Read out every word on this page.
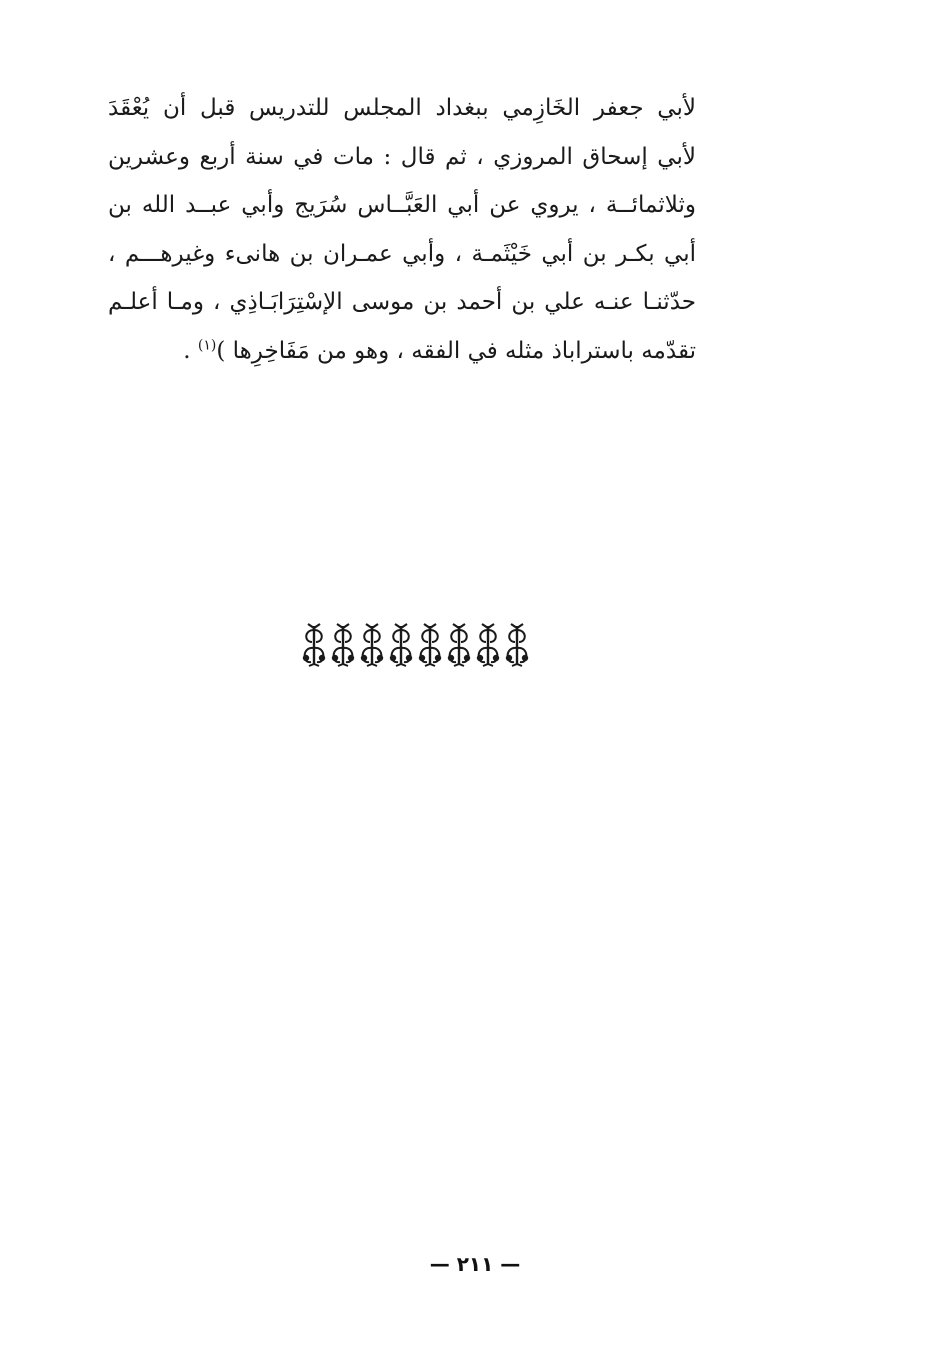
لأبي جعفر الخَازِمي ببغداد المجلس للتدريس قبل أن يُعْقَدَ
لأبي إسحاق المروزي ، ثم قال : مات في سنة أربع وعشرين
وثلاثمائــة ، يروي عن أبي العَبَّــاس سُرَيج وأبي عبــد الله بن
أبي بكـر بن أبي خَيْثَمـة ، وأبي عمـران بن هانىء وغيرهـــم ،
حدّثنـا عنـه علي بن أحمد بن موسى الإسْتِرَابَـاذِي ، ومـا أعلـم
تقدّمه باستراباذ مثله في الفقه ، وهو من مَفَاخِرِها )$^{(١)}$ .
— ٢١١ —
